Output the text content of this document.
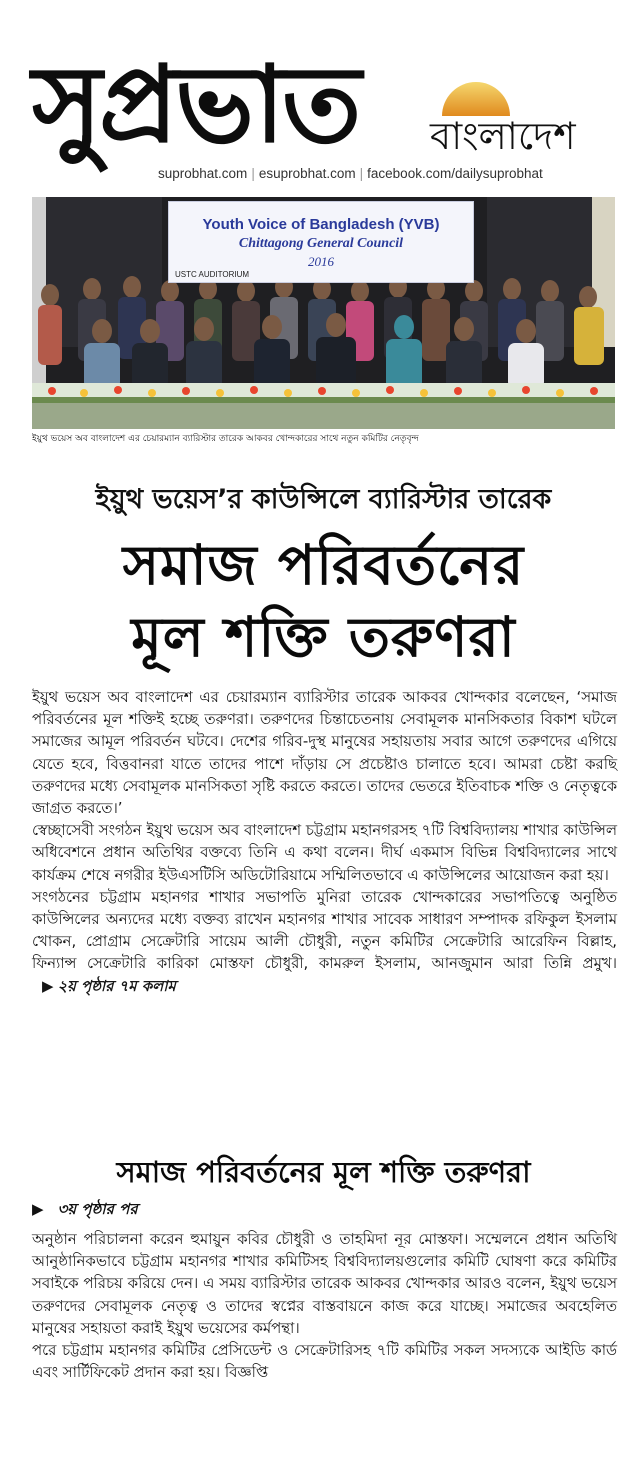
সুপ্রভাত বাংলাদেশ
suprobhat.com | esuprobhat.com | facebook.com/dailysuprobhat
Youth Voice of Bangladesh (YVB)
Chittagong General Council
2016
USTC AUDITORIUM
ইয়ুথ ভয়েস অব বাংলাদেশ এর চেয়ারম্যান ব্যারিস্টার তারেক আকবর খোন্দকারের সাথে নতুন কমিটির নেতৃবৃন্দ
ইয়ুথ ভয়েস’র কাউন্সিলে ব্যারিস্টার তারেক
সমাজ পরিবর্তনের
মূল শক্তি তরুণরা

ইয়ুথ ভয়েস অব বাংলাদেশ এর চেয়ারম্যান ব্যারিস্টার তারেক আকবর খোন্দকার বলেছেন, ‘সমাজ পরিবর্তনের মূল শক্তিই হচ্ছে তরুণরা। তরুণদের চিন্তাচেতনায় সেবামূলক মানসিকতার বিকাশ ঘটলে সমাজের আমূল পরিবর্তন ঘটবে। দেশের গরিব-দুস্থ মানুষের সহায়তায় সবার আগে তরুণদের এগিয়ে যেতে হবে, বিত্তবানরা যাতে তাদের পাশে দাঁড়ায় সে প্রচেষ্টাও চালাতে হবে। আমরা চেষ্টা করছি তরুণদের মধ্যে সেবামূলক মানসিকতা সৃষ্টি করতে করতে। তাদের ভেতরে ইতিবাচক শক্তি ও নেতৃত্বকে জাগ্রত করতে।’

স্বেচ্ছাসেবী সংগঠন ইয়ুথ ভয়েস অব বাংলাদেশ চট্টগ্রাম মহানগরসহ ৭টি বিশ্ববিদ্যালয় শাখার কাউন্সিল অধিবেশনে প্রধান অতিথির বক্তব্যে তিনি এ কথা বলেন। দীর্ঘ একমাস বিভিন্ন বিশ্ববিদ্যালের সাথে কার্যক্রম শেষে নগরীর ইউএসটিসি অডিটোরিয়ামে সম্মিলিতভাবে এ কাউন্সিলের আয়োজন করা হয়।

সংগঠনের চট্টগ্রাম মহানগর শাখার সভাপতি মুনিরা তারেক খোন্দকারের সভাপতিত্বে অনুষ্ঠিত কাউন্সিলের অন্যদের মধ্যে বক্তব্য রাখেন মহানগর শাখার সাবেক সাধারণ সম্পাদক রফিকুল ইসলাম খোকন, প্রোগ্রাম সেক্রেটারি সায়েম আলী চৌধুরী, নতুন কমিটির সেক্রেটারি আরেফিন বিল্লাহ, ফিন্যান্স সেক্রেটারি কারিকা মোস্তফা চৌধুরী, কামরুল ইসলাম, আনজুমান আরা তিন্নি প্রমুখ।▶ ২য় পৃষ্ঠার ৭ম কলাম

সমাজ পরিবর্তনের মূল শক্তি তরুণরা
▶ ৩য় পৃষ্ঠার পর

অনুষ্ঠান পরিচালনা করেন হুমায়ুন কবির চৌধুরী ও তাহমিদা নূর মোস্তফা। সম্মেলনে প্রধান অতিথি আনুষ্ঠানিকভাবে চট্টগ্রাম মহানগর শাখার কমিটিসহ বিশ্ববিদ্যালয়গুলোর কমিটি ঘোষণা করে কমিটির সবাইকে পরিচয় করিয়ে দেন। এ সময় ব্যারিস্টার তারেক আকবর খোন্দকার আরও বলেন, ইয়ুথ ভয়েস তরুণদের সেবামূলক নেতৃত্ব ও তাদের স্বপ্নের বাস্তবায়নে কাজ করে যাচ্ছে। সমাজের অবহেলিত মানুষের সহায়তা করাই ইয়ুথ ভয়েসের কর্মপন্থা।

পরে চট্টগ্রাম মহানগর কমিটির প্রেসিডেন্ট ও সেক্রেটারিসহ ৭টি কমিটির সকল সদস্যকে আইডি কার্ড এবং সার্টিফিকেট প্রদান করা হয়। বিজ্ঞপ্তি
